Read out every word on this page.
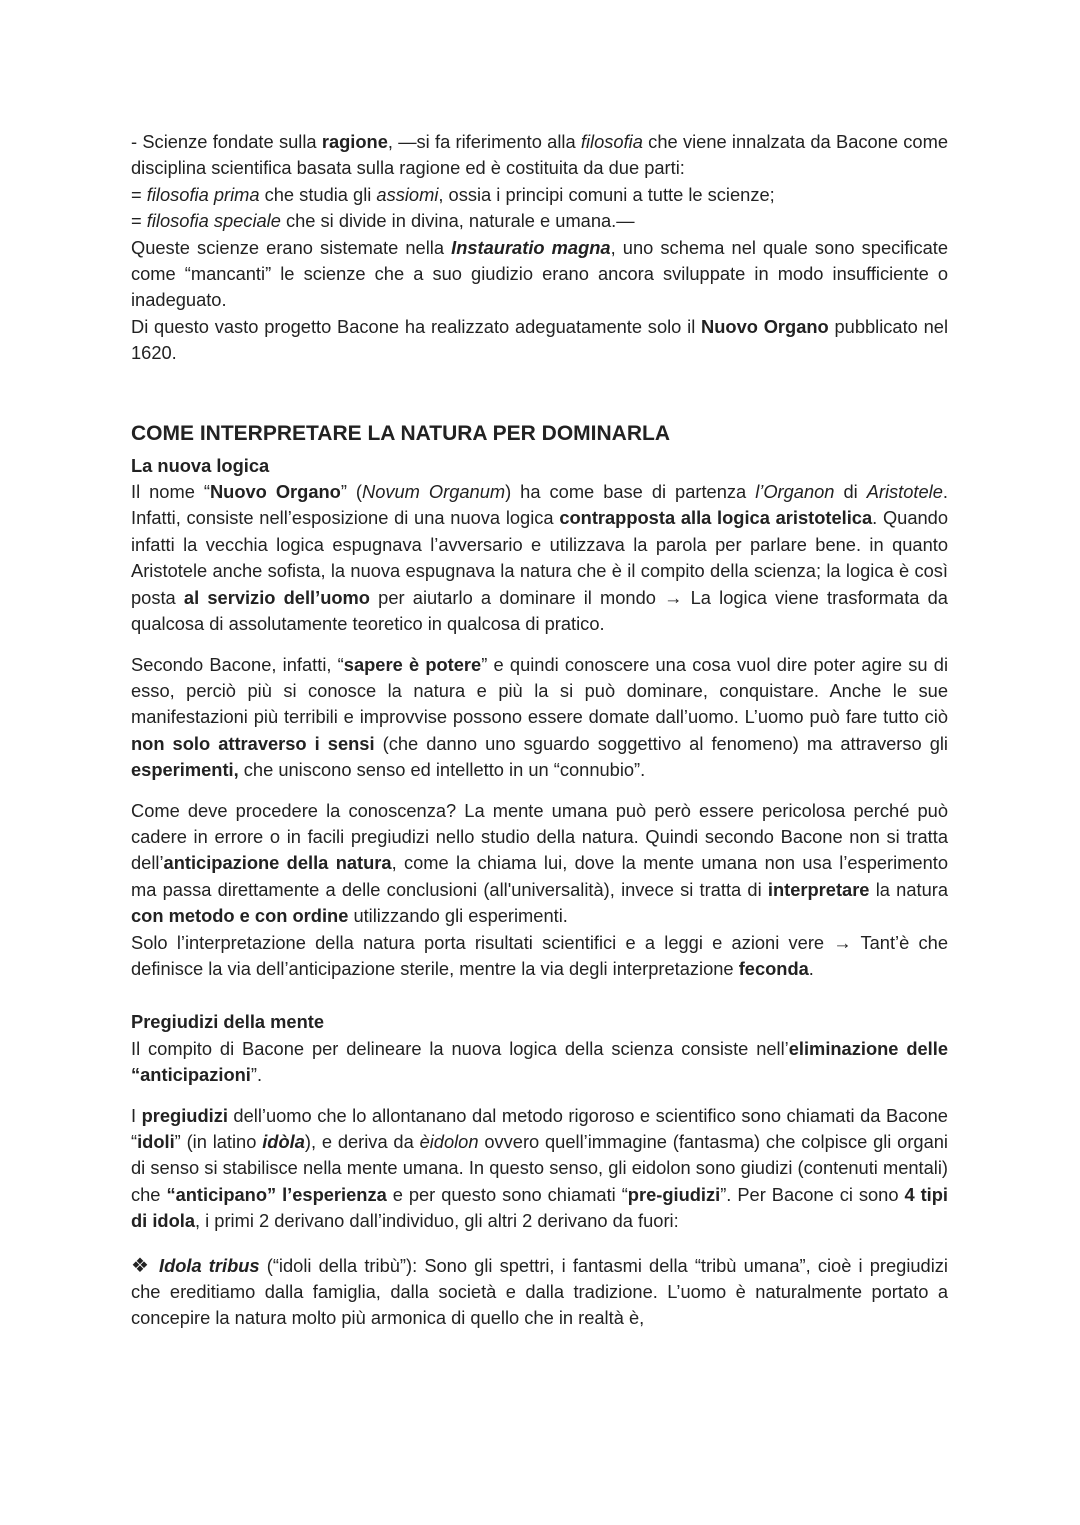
- Scienze fondate sulla ragione, —si fa riferimento alla filosofia che viene innalzata da Bacone come disciplina scientifica basata sulla ragione ed è costituita da due parti:
= filosofia prima che studia gli assiomi, ossia i principi comuni a tutte le scienze;
= filosofia speciale che si divide in divina, naturale e umana.—
Queste scienze erano sistemate nella Instauratio magna, uno schema nel quale sono specificate come “mancanti” le scienze che a suo giudizio erano ancora sviluppate in modo insufficiente o inadeguato.
Di questo vasto progetto Bacone ha realizzato adeguatamente solo il Nuovo Organo pubblicato nel 1620.

COME INTERPRETARE LA NATURA PER DOMINARLA
La nuova logica

Il nome “Nuovo Organo” (Novum Organum) ha come base di partenza l’Organon di Aristotele. Infatti, consiste nell’esposizione di una nuova logica contrapposta alla logica aristotelica. Quando infatti la vecchia logica espugnava l’avversario e utilizzava la parola per parlare bene. in quanto Aristotele anche sofista, la nuova espugnava la natura che è il compito della scienza; la logica è così posta al servizio dell’uomo per aiutarlo a dominare il mondo → La logica viene trasformata da qualcosa di assolutamente teoretico in qualcosa di pratico.

Secondo Bacone, infatti, “sapere è potere” e quindi conoscere una cosa vuol dire poter agire su di esso, perciò più si conosce la natura e più la si può dominare, conquistare. Anche le sue manifestazioni più terribili e improvvise possono essere domate dall’uomo. L’uomo può fare tutto ciò non solo attraverso i sensi (che danno uno sguardo soggettivo al fenomeno) ma attraverso gli esperimenti, che uniscono senso ed intelletto in un “connubio”.

Come deve procedere la conoscenza? La mente umana può però essere pericolosa perché può cadere in errore o in facili pregiudizi nello studio della natura. Quindi secondo Bacone non si tratta dell’anticipazione della natura, come la chiama lui, dove la mente umana non usa l’esperimento ma passa direttamente a delle conclusioni (all'universalità), invece si tratta di interpretare la natura con metodo e con ordine utilizzando gli esperimenti.
Solo l’interpretazione della natura porta risultati scientifici e a leggi e azioni vere → Tant’è che definisce la via dell’anticipazione sterile, mentre la via degli interpretazione feconda.

Pregiudizi della mente

Il compito di Bacone per delineare la nuova logica della scienza consiste nell’eliminazione delle “anticipazioni”.

I pregiudizi dell’uomo che lo allontanano dal metodo rigoroso e scientifico sono chiamati da Bacone “idoli” (in latino idòla), e deriva da èidolon ovvero quell’immagine (fantasma) che colpisce gli organi di senso si stabilisce nella mente umana. In questo senso, gli eidolon sono giudizi (contenuti mentali) che “anticipano” l’esperienza e per questo sono chiamati “pre-giudizi”. Per Bacone ci sono 4 tipi di idola, i primi 2 derivano dall’individuo, gli altri 2 derivano da fuori:

❖ Idola tribus (“idoli della tribù”): Sono gli spettri, i fantasmi della “tribù umana”, cioè i pregiudizi che ereditiamo dalla famiglia, dalla società e dalla tradizione. L’uomo è naturalmente portato a concepire la natura molto più armonica di quello che in realtà è,
